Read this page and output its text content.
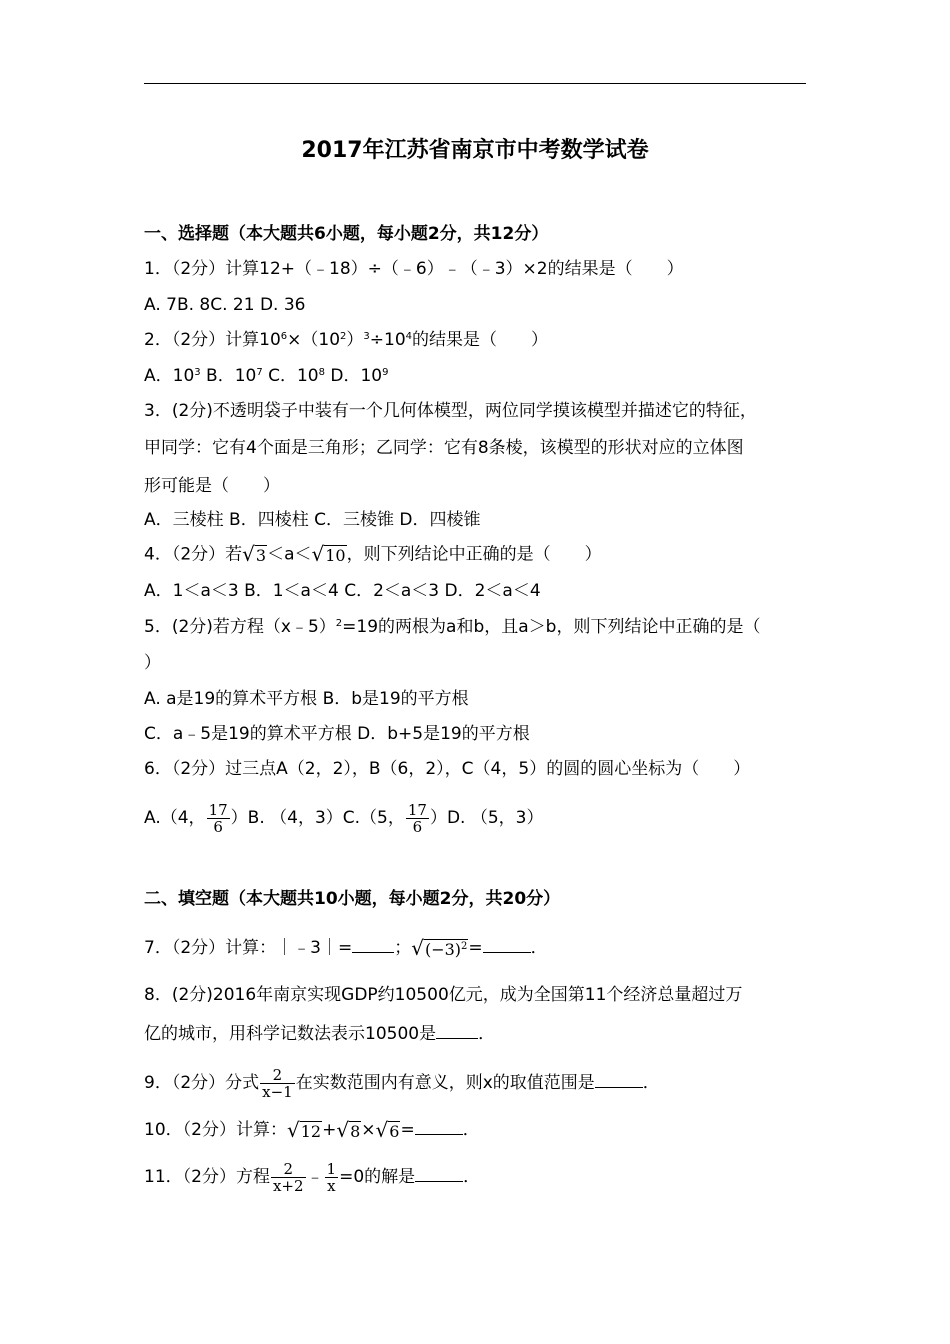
2017年江苏省南京市中考数学试卷
一、选择题（本大题共6小题，每小题2分，共12分）
1．（2分）计算12+（﹣18）÷（﹣6）﹣（﹣3）×2的结果是（　　）
A. 7B. 8C. 21 D. 36
2．（2分）计算$10^6\times(10^2)^3\div 10^4$的结果是（　　）
A．$10^3$ B．$10^7$ C．$10^8$ D．$10^9$
3．(2分)不透明袋子中装有一个几何体模型，两位同学摸该模型并描述它的特征，
甲同学：它有4个面是三角形；乙同学：它有8条棱，该模型的形状对应的立体图
形可能是（　　）
A．三棱柱 B．四棱柱 C．三棱锥 D．四棱锥
4．（2分）若 √ 3 ＜a＜ √ 10 ，则下列结论中正确的是（　　）
A．1＜a＜3 B．1＜a＜4 C．2＜a＜3 D．2＜a＜4
5．(2分)若方程（x﹣5）$^2$=19的两根为a和b，且a＞b，则下列结论中正确的是（
）
A. a是19的算术平方根 B．b是19的平方根
C．a﹣5是19的算术平方根 D．b+5是19的平方根
6．（2分）过三点A（2，2），B（6，2），C（4，5）的圆的圆心坐标为（　　）
A.（4， $\frac{17}{6} )B$. （4，3）C.（5， $\frac{17}{6} )D$. （5，3）
二、填空题（本大题共10小题，每小题2分，共20分）
7．（2分）计算：｜﹣3｜= ； √ $(-3)^2$ =	．
8．(2分)2016年南京实现GDP约10500亿元，成为全国第11个经济总量超过万
亿的城市，用科学记数法表示10500是 ．
9．（2分）分式 $\frac{2}{x-1}$ 在实数范围内有意义，则x的取值范围是	．
10．（2分）计算： √ 12 + √ 8 × √ 6 =	．
11．（2分）方程 $\frac{2}{x+2}$ ﹣ $\frac{1}{x} =0$的解是	．
